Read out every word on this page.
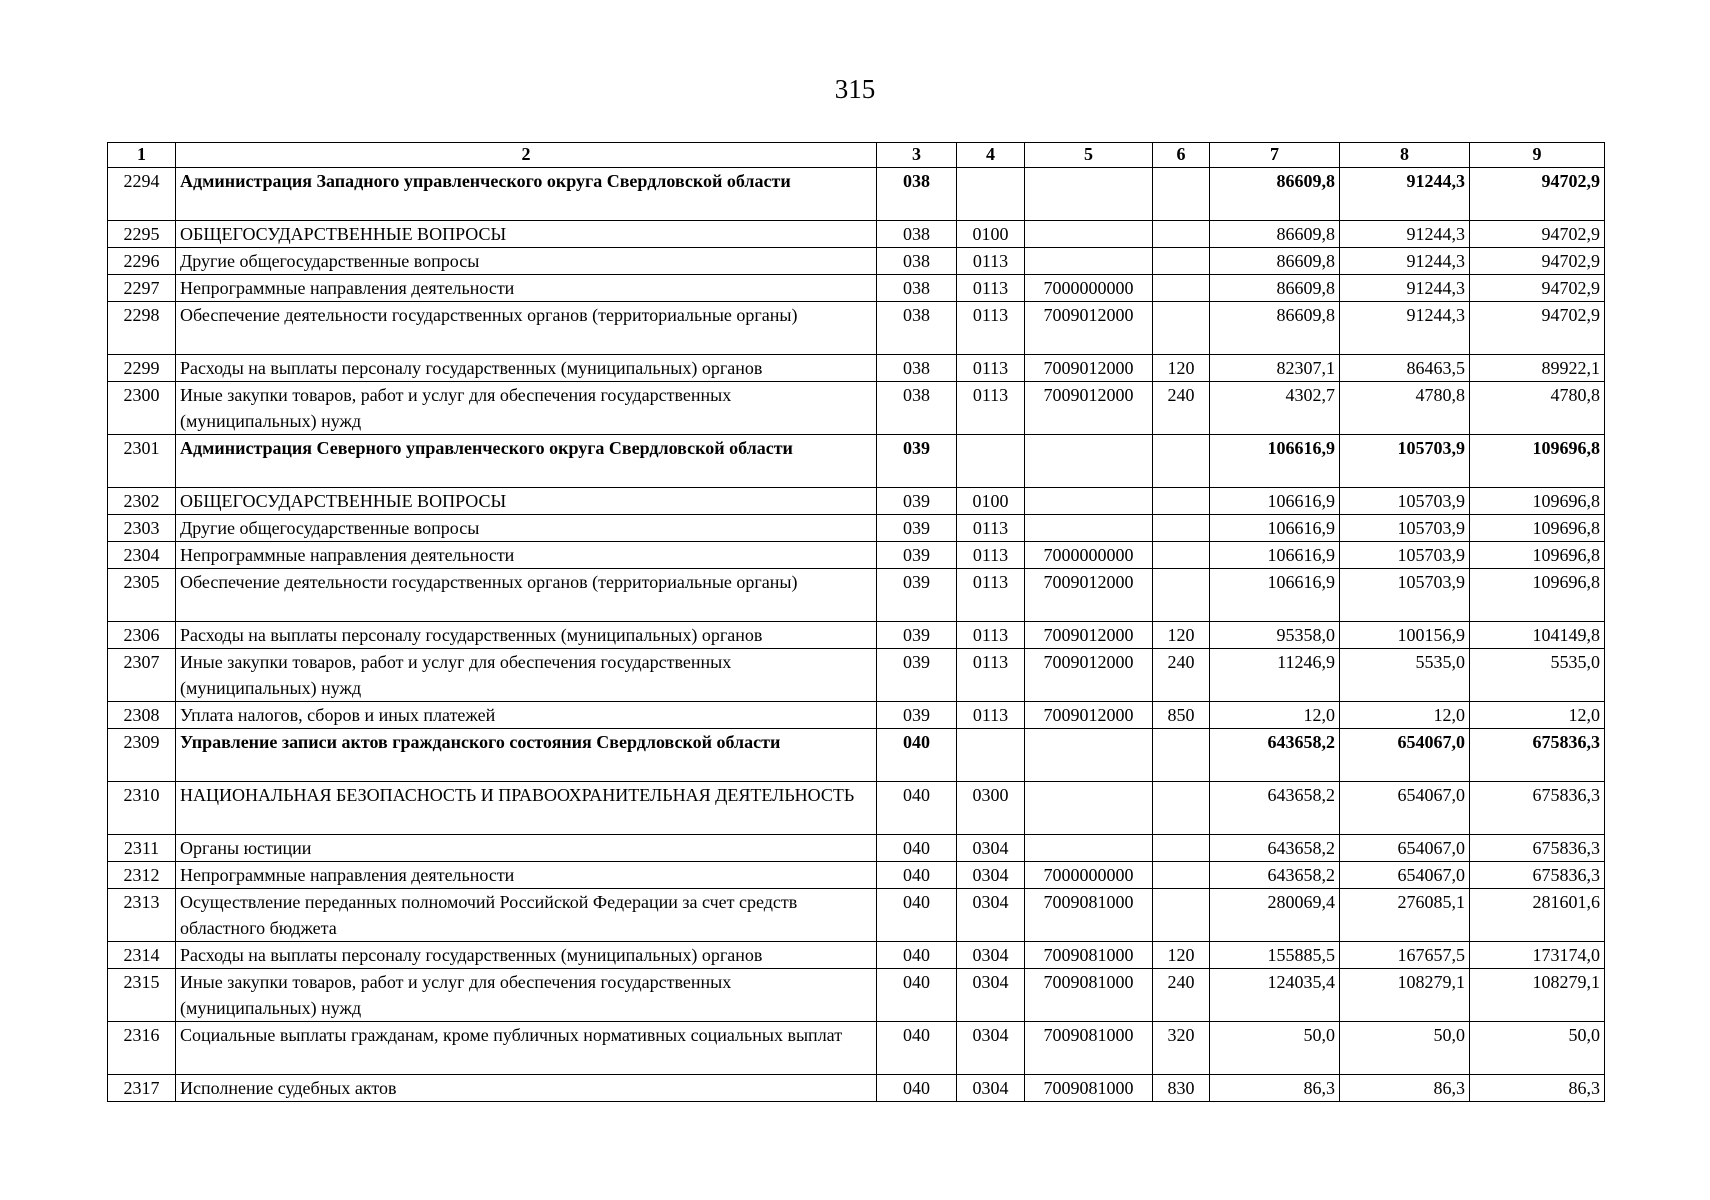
315
1	2	3	4	5	6	7	8	9
2294	Администрация Западного управленческого округа Свердловской области	038				86609,8	91244,3	94702,9
2295	ОБЩЕГОСУДАРСТВЕННЫЕ ВОПРОСЫ	038	0100			86609,8	91244,3	94702,9
2296	Другие общегосударственные вопросы	038	0113			86609,8	91244,3	94702,9
2297	Непрограммные направления деятельности	038	0113	7000000000		86609,8	91244,3	94702,9
2298	Обеспечение деятельности государственных органов (территориальные органы)	038	0113	7009012000		86609,8	91244,3	94702,9
2299	Расходы на выплаты персоналу государственных (муниципальных) органов	038	0113	7009012000	120	82307,1	86463,5	89922,1
2300	Иные закупки товаров, работ и услуг для обеспечения государственных (муниципальных) нужд	038	0113	7009012000	240	4302,7	4780,8	4780,8
2301	Администрация Северного управленческого округа Свердловской области	039				106616,9	105703,9	109696,8
2302	ОБЩЕГОСУДАРСТВЕННЫЕ ВОПРОСЫ	039	0100			106616,9	105703,9	109696,8
2303	Другие общегосударственные вопросы	039	0113			106616,9	105703,9	109696,8
2304	Непрограммные направления деятельности	039	0113	7000000000		106616,9	105703,9	109696,8
2305	Обеспечение деятельности государственных органов (территориальные органы)	039	0113	7009012000		106616,9	105703,9	109696,8
2306	Расходы на выплаты персоналу государственных (муниципальных) органов	039	0113	7009012000	120	95358,0	100156,9	104149,8
2307	Иные закупки товаров, работ и услуг для обеспечения государственных (муниципальных) нужд	039	0113	7009012000	240	11246,9	5535,0	5535,0
2308	Уплата налогов, сборов и иных платежей	039	0113	7009012000	850	12,0	12,0	12,0
2309	Управление записи актов гражданского состояния Свердловской области	040				643658,2	654067,0	675836,3
2310	НАЦИОНАЛЬНАЯ БЕЗОПАСНОСТЬ И ПРАВООХРАНИТЕЛЬНАЯ ДЕЯТЕЛЬНОСТЬ	040	0300			643658,2	654067,0	675836,3
2311	Органы юстиции	040	0304			643658,2	654067,0	675836,3
2312	Непрограммные направления деятельности	040	0304	7000000000		643658,2	654067,0	675836,3
2313	Осуществление переданных полномочий Российской Федерации за счет средств областного бюджета	040	0304	7009081000		280069,4	276085,1	281601,6
2314	Расходы на выплаты персоналу государственных (муниципальных) органов	040	0304	7009081000	120	155885,5	167657,5	173174,0
2315	Иные закупки товаров, работ и услуг для обеспечения государственных (муниципальных) нужд	040	0304	7009081000	240	124035,4	108279,1	108279,1
2316	Социальные выплаты гражданам, кроме публичных нормативных социальных выплат	040	0304	7009081000	320	50,0	50,0	50,0
2317	Исполнение судебных актов	040	0304	7009081000	830	86,3	86,3	86,3
